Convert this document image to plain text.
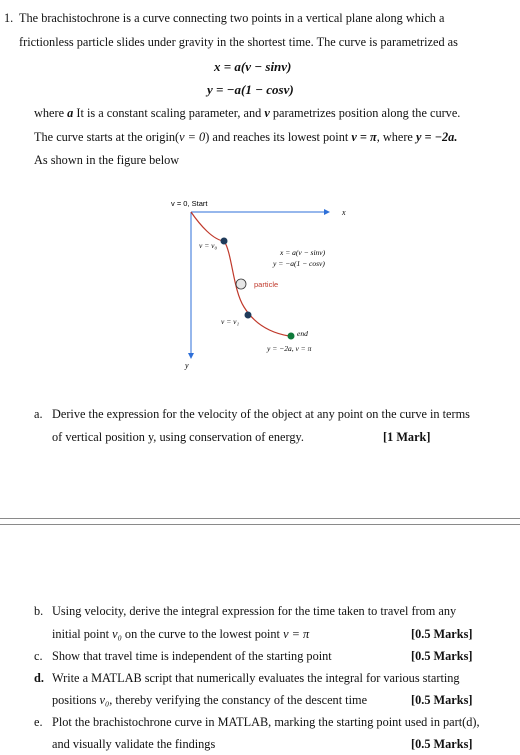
1. The brachistochrone is a curve connecting two points in a vertical plane along which a
frictionless particle slides under gravity in the shortest time. The curve is parametrized as
x = a(v − sinv)
y = −a(1 − cosv)
where a It is a constant scaling parameter, and v parametrizes position along the curve.
The curve starts at the origin(v = 0) and reaches its lowest point v = π, where y = −2a.
As shown in the figure below
v = 0, Start
x
y
v = v₀
v = v₁
x = a(v − sinv)
y = −a(1 − cosv)
particle
end
y = −2a, v = π
a. Derive the expression for the velocity of the object at any point on the curve in terms
of vertical position y, using conservation of energy.	[1 Mark]
b. Using velocity, derive the integral expression for the time taken to travel from any
initial point v₀ on the curve to the lowest point v = π	[0.5 Marks]
c. Show that travel time is independent of the starting point	[0.5 Marks]
d. Write a MATLAB script that numerically evaluates the integral for various starting
positions v₀, thereby verifying the constancy of the descent time	[0.5 Marks]
e. Plot the brachistochrone curve in MATLAB, marking the starting point used in part(d),
and visually validate the findings	[0.5 Marks]
